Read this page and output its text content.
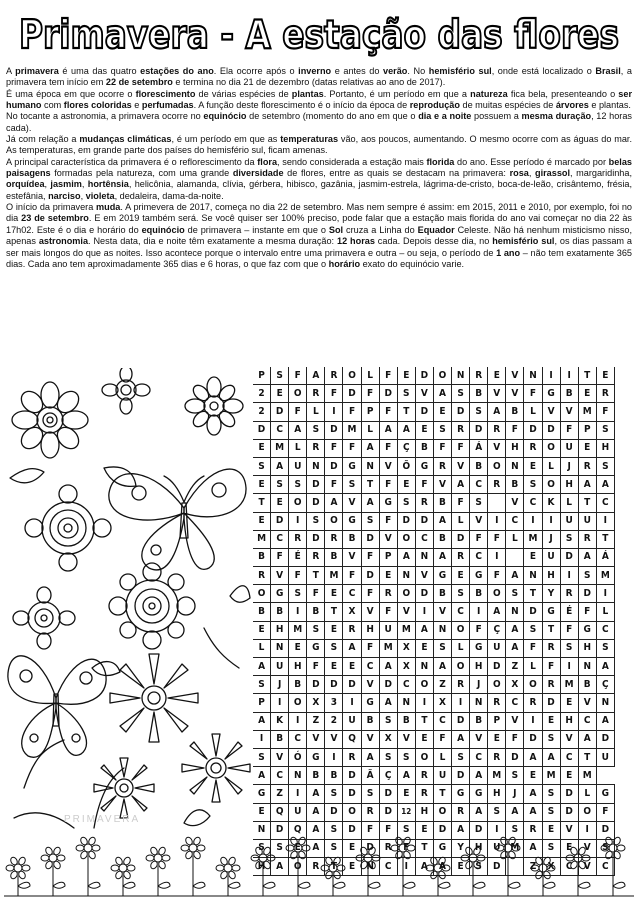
Primavera - A estação das flores

A primavera é uma das quatro estações do ano. Ela ocorre após o inverno e antes do verão. No hemisfério sul, onde está localizado o Brasil, a primavera tem início em 22 de setembro e termina no dia 21 de dezembro (datas relativas ao ano de 2017).

É uma época em que ocorre o florescimento de várias espécies de plantas. Portanto, é um período em que a natureza fica bela, presenteando o ser humano com flores coloridas e perfumadas. A função deste florescimento é o início da época de reprodução de muitas espécies de árvores e plantas.

No tocante a astronomia, a primavera ocorre no equinócio de setembro (momento do ano em que o dia e a noite possuem a mesma duração, 12 horas cada).

Já com relação a mudanças climáticas, é um período em que as temperaturas vão, aos poucos, aumentando. O mesmo ocorre com as águas do mar. As temperaturas, em grande parte dos países do hemisfério sul, ficam amenas.

A principal característica da primavera é o reflorescimento da flora, sendo considerada a estação mais florida do ano. Esse período é marcado por belas paisagens formadas pela natureza, com uma grande diversidade de flores, entre as quais se destacam na primavera: rosa, girassol, margaridinha, orquídea, jasmim, hortênsia, helicônia, alamanda, clívia, gérbera, hibisco, gazânia, jasmim-estrela, lágrima-de-cristo, boca-de-leão, crisântemo, frésia, estefânia, narciso, violeta, dedaleira, dama-da-noite.

O início da primavera muda. A primevera de 2017, começa no dia 22 de setembro. Mas nem sempre é assim: em 2015, 2011 e 2010, por exemplo, foi no dia 23 de setembro. E em 2019 também será. Se você quiser ser 100% preciso, pode falar que a estação mais florida do ano vai começar no dia 22 às 17h02. Este é o dia e horário do equinócio de primavera – instante em que o Sol cruza a Linha do Equador Celeste. Não há nenhum misticismo nisso, apenas astronomia. Nesta data, dia e noite têm exatamente a mesma duração: 12 horas cada. Depois desse dia, no hemisfério sul, os dias passam a ser mais longos do que as noites. Isso acontece porque o intervalo entre uma primavera e outra – ou seja, o período de 1 ano – não tem exatamente 365 dias. Cada ano tem aproximadamente 365 dias e 6 horas, o que faz com que o horário exato do equinócio varie.

P	S	F	A	R	O	L	F	E	D	O	N	R	E	V	N	I	I	T	E
2	E	O	R	F	D	F	D	S	V	A	S	B	V	V	F	G	B	E	R
2	D	F	L	I	F	P	F	T	D	E	D	S	A	B	L	V	V	M	F
D	C	A	S	D	M	L	A	A	E	S	R	D	R	F	D	D	F	P	S
E	M	L	R	F	F	A	F	Ç	B	F	F	Á	V	H	R	O	U	E	H
S	A	U	N	D	G	N	V	Õ	G	R	V	B	O	N	E	L	J	R	S
E	S	S	D	F	S	T	F	E	F	V	A	C	R	B	S	O	H	A	A
T	E	O	D	A	V	A	G	S	R	B	F	S		V	C	K	L	T	C
E	D	I	S	O	G	S	F	D	D	A	L	V	I	C	I	I	U	U	I
M	C	R	D	R	B	D	V	O	C	B	D	F	F	L	M	J	S	R	T
B	F	É	R	B	V	F	P	A	N	A	R	C	I		E	U	D	A	Á
R	V	F	T	M	F	D	E	N	V	G	E	G	F	A	N	H	I	S	M
O	G	S	F	E	C	F	R	O	D	B	S	B	O	S	T	Y	R	D	I
B	B	I	B	T	X	V	F	V	I	V	C	I	A	N	D	G	É	F	L
E	H	M	S	E	R	H	U	M	A	N	O	F	Ç	A	S	T	F	G	C
L	N	E	G	S	A	F	M	X	E	S	L	G	U	A	F	R	S	H	S
A	U	H	F	E	E	C	A	X	N	A	O	H	D	Z	L	F	I	N	A
S	J	B	D	D	D	V	D	C	O	Z	R	J	O	X	O	R	M	B	Ç
P	I	O	X	3	I	G	A	N	I	X	I	N	R	C	R	D	E	V	N
A	K	I	Z	2	U	B	S	B	T	C	D	B	P	V	I	E	H	C	A
I	B	C	V	V	Q	V	X	V	E	F	A	V	E	F	D	S	V	A	D
S	V	Ó	G	I	R	A	S	S	O	L	S	C	R	D	A	A	C	T	U
A	C	N	B	B	D	Ã	Ç	A	R	U	D	A	M	S	E	M	E	M	
G	Z	I	A	S	D	S	D	E	R	T	G	G	H	J	A	S	D	L	G
E	Q	U	A	D	O	R	D	12	H	O	R	A	S	A	A	S	D	O	F
N	D	Q	A	S	D	F	F	S	E	D	A	D	I	S	R	E	V	I	D
S	S	E	A	S	E	D	R	F	T	G	Y	H	U	M	A	S	E	V	S
H	A	O	R	T	E	N	C	I	A	A	E	S	D		Z	X	C	V	C
PRIMAVERA
